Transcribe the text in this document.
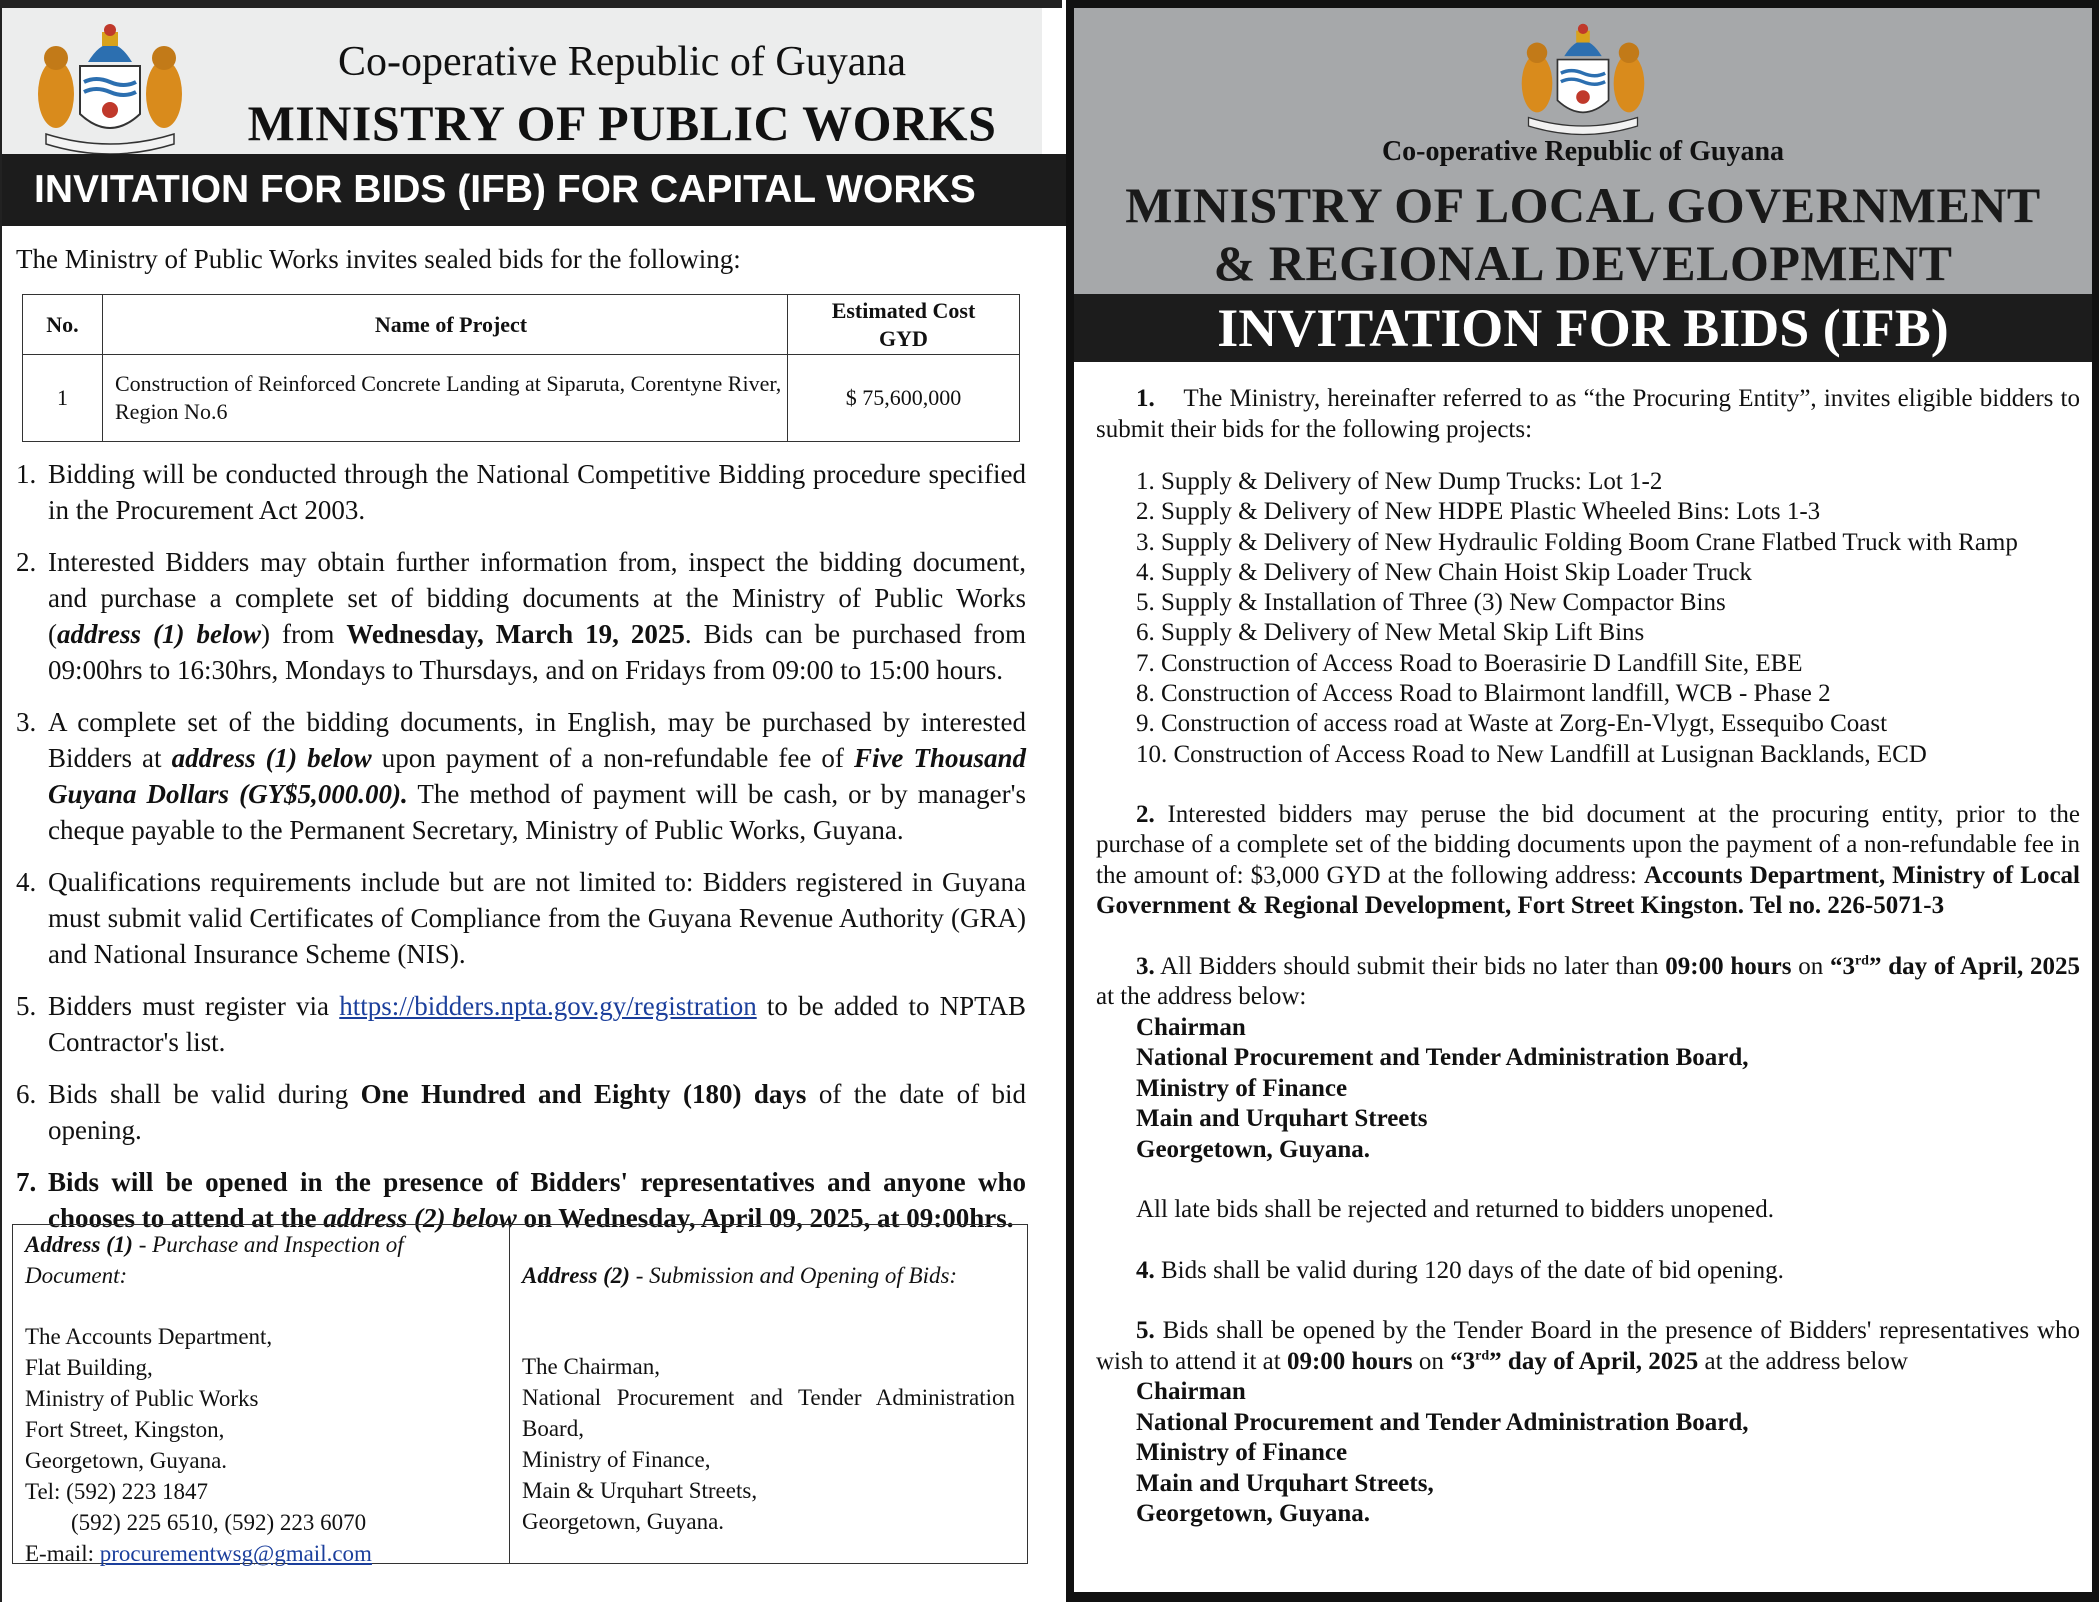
Co-operative Republic of Guyana
MINISTRY OF PUBLIC WORKS
INVITATION FOR BIDS (IFB) FOR CAPITAL WORKS
The Ministry of Public Works invites sealed bids for the following:
No.	Name of Project	Estimated Cost
GYD
1	Construction of Reinforced Concrete Landing at Siparuta, Corentyne River, Region No.6	$ 75,600,000
1. Bidding will be conducted through the National Competitive Bidding procedure specified in the Procurement Act 2003.
2. Interested Bidders may obtain further information from, inspect the bidding document, and purchase a complete set of bidding documents at the Ministry of Public Works (address (1) below) from Wednesday, March 19, 2025. Bids can be purchased from 09:00hrs to 16:30hrs, Mondays to Thursdays, and on Fridays from 09:00 to 15:00 hours.
3. A complete set of the bidding documents, in English, may be purchased by interested Bidders at address (1) below upon payment of a non-refundable fee of Five Thousand Guyana Dollars (GY$5,000.00). The method of payment will be cash, or by manager's cheque payable to the Permanent Secretary, Ministry of Public Works, Guyana.
4. Qualifications requirements include but are not limited to: Bidders registered in Guyana must submit valid Certificates of Compliance from the Guyana Revenue Authority (GRA) and National Insurance Scheme (NIS).
5. Bidders must register via https://bidders.npta.gov.gy/registration to be added to NPTAB Contractor's list.
6. Bids shall be valid during One Hundred and Eighty (180) days of the date of bid opening.
7. Bids will be opened in the presence of Bidders' representatives and anyone who chooses to attend at the address (2) below on Wednesday, April 09, 2025, at 09:00hrs.
Address (1) - Purchase and Inspection of Document:
The Accounts Department,
Flat Building,
Ministry of Public Works
Fort Street, Kingston,
Georgetown, Guyana.
Tel: (592) 223 1847
(592) 225 6510, (592) 223 6070
E-mail: procurementwsg@gmail.com
Address (2) - Submission and Opening of Bids:
The Chairman,
National Procurement and Tender Administration Board,
Ministry of Finance,
Main & Urquhart Streets,
Georgetown, Guyana.
Co-operative Republic of Guyana
MINISTRY OF LOCAL GOVERNMENT
& REGIONAL DEVELOPMENT
INVITATION FOR BIDS (IFB)

1. The Ministry, hereinafter referred to as “the Procuring Entity”, invites eligible bidders to submit their bids for the following projects:

1. Supply & Delivery of New Dump Trucks: Lot 1-2
2. Supply & Delivery of New HDPE Plastic Wheeled Bins: Lots 1-3
3. Supply & Delivery of New Hydraulic Folding Boom Crane Flatbed Truck with Ramp
4. Supply & Delivery of New Chain Hoist Skip Loader Truck
5. Supply & Installation of Three (3) New Compactor Bins
6. Supply & Delivery of New Metal Skip Lift Bins
7. Construction of Access Road to Boerasirie D Landfill Site, EBE
8. Construction of Access Road to Blairmont landfill, WCB - Phase 2
9. Construction of access road at Waste at Zorg-En-Vlygt, Essequibo Coast
10. Construction of Access Road to New Landfill at Lusignan Backlands, ECD

2. Interested bidders may peruse the bid document at the procuring entity, prior to the purchase of a complete set of the bidding documents upon the payment of a non-refundable fee in the amount of: $3,000 GYD at the following address: Accounts Department, Ministry of Local Government & Regional Development, Fort Street Kingston. Tel no. 226-5071-3

3. All Bidders should submit their bids no later than 09:00 hours on “3rd” day of April, 2025 at the address below:

Chairman
National Procurement and Tender Administration Board,
Ministry of Finance
Main and Urquhart Streets
Georgetown, Guyana.

All late bids shall be rejected and returned to bidders unopened.

4. Bids shall be valid during 120 days of the date of bid opening.

5. Bids shall be opened by the Tender Board in the presence of Bidders' representatives who wish to attend it at 09:00 hours on “3rd” day of April, 2025 at the address below

Chairman
National Procurement and Tender Administration Board,
Ministry of Finance
Main and Urquhart Streets,
Georgetown, Guyana.
